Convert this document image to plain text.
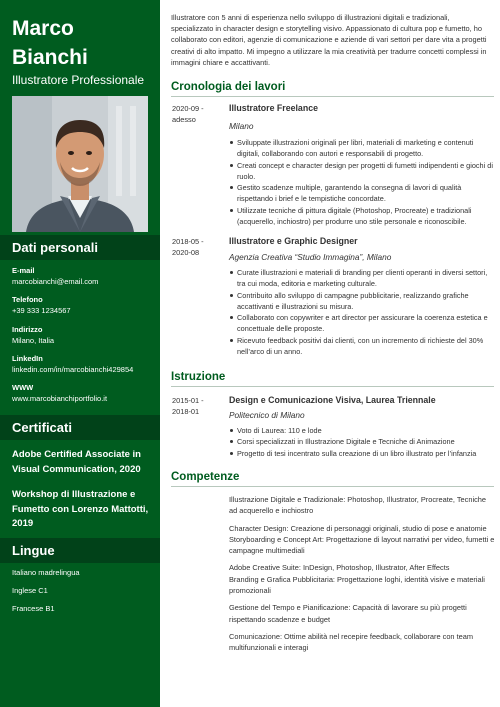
Marco Bianchi
Illustratore Professionale
Dati personali
E-mail
marcobianchi@email.com
Telefono
+39 333 1234567
Indirizzo
Milano, Italia
LinkedIn
linkedin.com/in/marcobianchi429854
WWW
www.marcobianchiportfolio.it
Certificati
Adobe Certified Associate in Visual Communication, 2020
Workshop di Illustrazione e Fumetto con Lorenzo Mattotti, 2019
Lingue
Italiano madrelingua
Inglese C1
Francese B1
Illustratore con 5 anni di esperienza nello sviluppo di illustrazioni digitali e tradizionali, specializzato in character design e storytelling visivo. Appassionato di cultura pop e fumetto, ho collaborato con editori, agenzie di comunicazione e aziende di vari settori per dare vita a progetti creativi di alto impatto. Mi impegno a utilizzare la mia creatività per tradurre concetti complessi in immagini chiare e accattivanti.
Cronologia dei lavori
2020-09 - adesso
Illustratore Freelance
Milano
Sviluppate illustrazioni originali per libri, materiali di marketing e contenuti digitali, collaborando con autori e responsabili di progetto.
Creati concept e character design per progetti di fumetti indipendenti e giochi di ruolo.
Gestito scadenze multiple, garantendo la consegna di lavori di qualità rispettando i brief e le tempistiche concordate.
Utilizzate tecniche di pittura digitale (Photoshop, Procreate) e tradizionali (acquerello, inchiostro) per produrre uno stile personale e riconoscibile.
2018-05 - 2020-08
Illustratore e Graphic Designer
Agenzia Creativa “Studio Immagina”, Milano
Curate illustrazioni e materiali di branding per clienti operanti in diversi settori, tra cui moda, editoria e marketing culturale.
Contribuito allo sviluppo di campagne pubblicitarie, realizzando grafiche accattivanti e illustrazioni su misura.
Collaborato con copywriter e art director per assicurare la coerenza estetica e concettuale delle proposte.
Ricevuto feedback positivi dai clienti, con un incremento di richieste del 30% nell’arco di un anno.
Istruzione
2015-01 - 2018-01
Design e Comunicazione Visiva, Laurea Triennale
Politecnico di Milano
Voto di Laurea: 110 e lode
Corsi specializzati in Illustrazione Digitale e Tecniche di Animazione
Progetto di tesi incentrato sulla creazione di un libro illustrato per l’infanzia
Competenze
Illustrazione Digitale e Tradizionale: Photoshop, Illustrator, Procreate, Tecniche ad acquerello e inchiostro
Character Design: Creazione di personaggi originali, studio di pose e anatomie
Storyboarding e Concept Art: Progettazione di layout narrativi per video, fumetti e campagne multimediali
Adobe Creative Suite: InDesign, Photoshop, Illustrator, After Effects
Branding e Grafica Pubblicitaria: Progettazione loghi, identità visive e materiali promozionali
Gestione del Tempo e Pianificazione: Capacità di lavorare su più progetti rispettando scadenze e budget
Comunicazione: Ottime abilità nel recepire feedback, collaborare con team multifunzionali e interagi
